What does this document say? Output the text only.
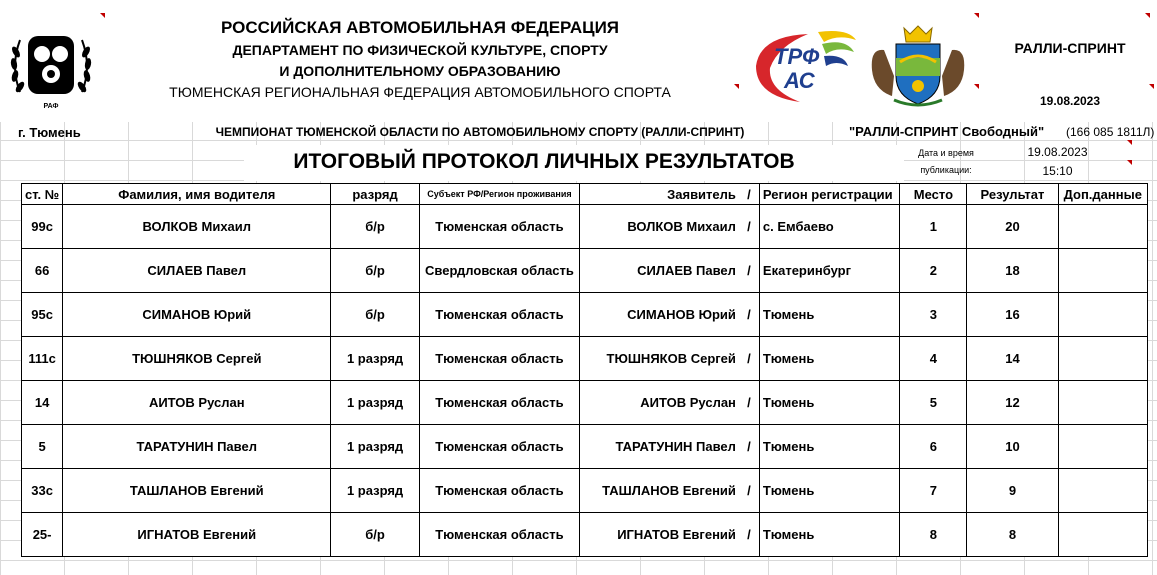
РАФ
РОССИЙСКАЯ АВТОМОБИЛЬНАЯ ФЕДЕРАЦИЯ
ДЕПАРТАМЕНТ ПО ФИЗИЧЕСКОЙ КУЛЬТУРЕ, СПОРТУ
И ДОПОЛНИТЕЛЬНОМУ ОБРАЗОВАНИЮ
ТЮМЕНСКАЯ РЕГИОНАЛЬНАЯ ФЕДЕРАЦИЯ АВТОМОБИЛЬНОГО СПОРТА
ТРФ
АС
РАЛЛИ-СПРИНТ
19.08.2023
г. Тюмень	ЧЕМПИОНАТ ТЮМЕНСКОЙ ОБЛАСТИ ПО АВТОМОБИЛЬНОМУ СПОРТУ (РАЛЛИ-СПРИНТ)	"РАЛЛИ-СПРИНТ Свободный" (166 085 1811Л)
ИТОГОВЫЙ ПРОТОКОЛ ЛИЧНЫХ РЕЗУЛЬТАТОВ	Дата и время
публикации:
19.08.2023
15:10
ст. №	Фамилия, имя водителя	разряд	Субъект РФ/Регион проживания	Заявитель	/	Регион регистрации	Место	Результат	Доп.данные
99с	ВОЛКОВ Михаил	б/р	Тюменская область	ВОЛКОВ Михаил	/	с. Ембаево	1	20	
66	СИЛАЕВ Павел	б/р	Свердловская область	СИЛАЕВ Павел	/	Екатеринбург	2	18	
95с	СИМАНОВ Юрий	б/р	Тюменская область	СИМАНОВ Юрий	/	Тюмень	3	16	
111с	ТЮШНЯКОВ Сергей	1 разряд	Тюменская область	ТЮШНЯКОВ Сергей	/	Тюмень	4	14	
14	АИТОВ Руслан	1 разряд	Тюменская область	АИТОВ Руслан	/	Тюмень	5	12	
5	ТАРАТУНИН Павел	1 разряд	Тюменская область	ТАРАТУНИН Павел	/	Тюмень	6	10	
33с	ТАШЛАНОВ Евгений	1 разряд	Тюменская область	ТАШЛАНОВ Евгений	/	Тюмень	7	9	
25-	ИГНАТОВ Евгений	б/р	Тюменская область	ИГНАТОВ Евгений	/	Тюмень	8	8	
